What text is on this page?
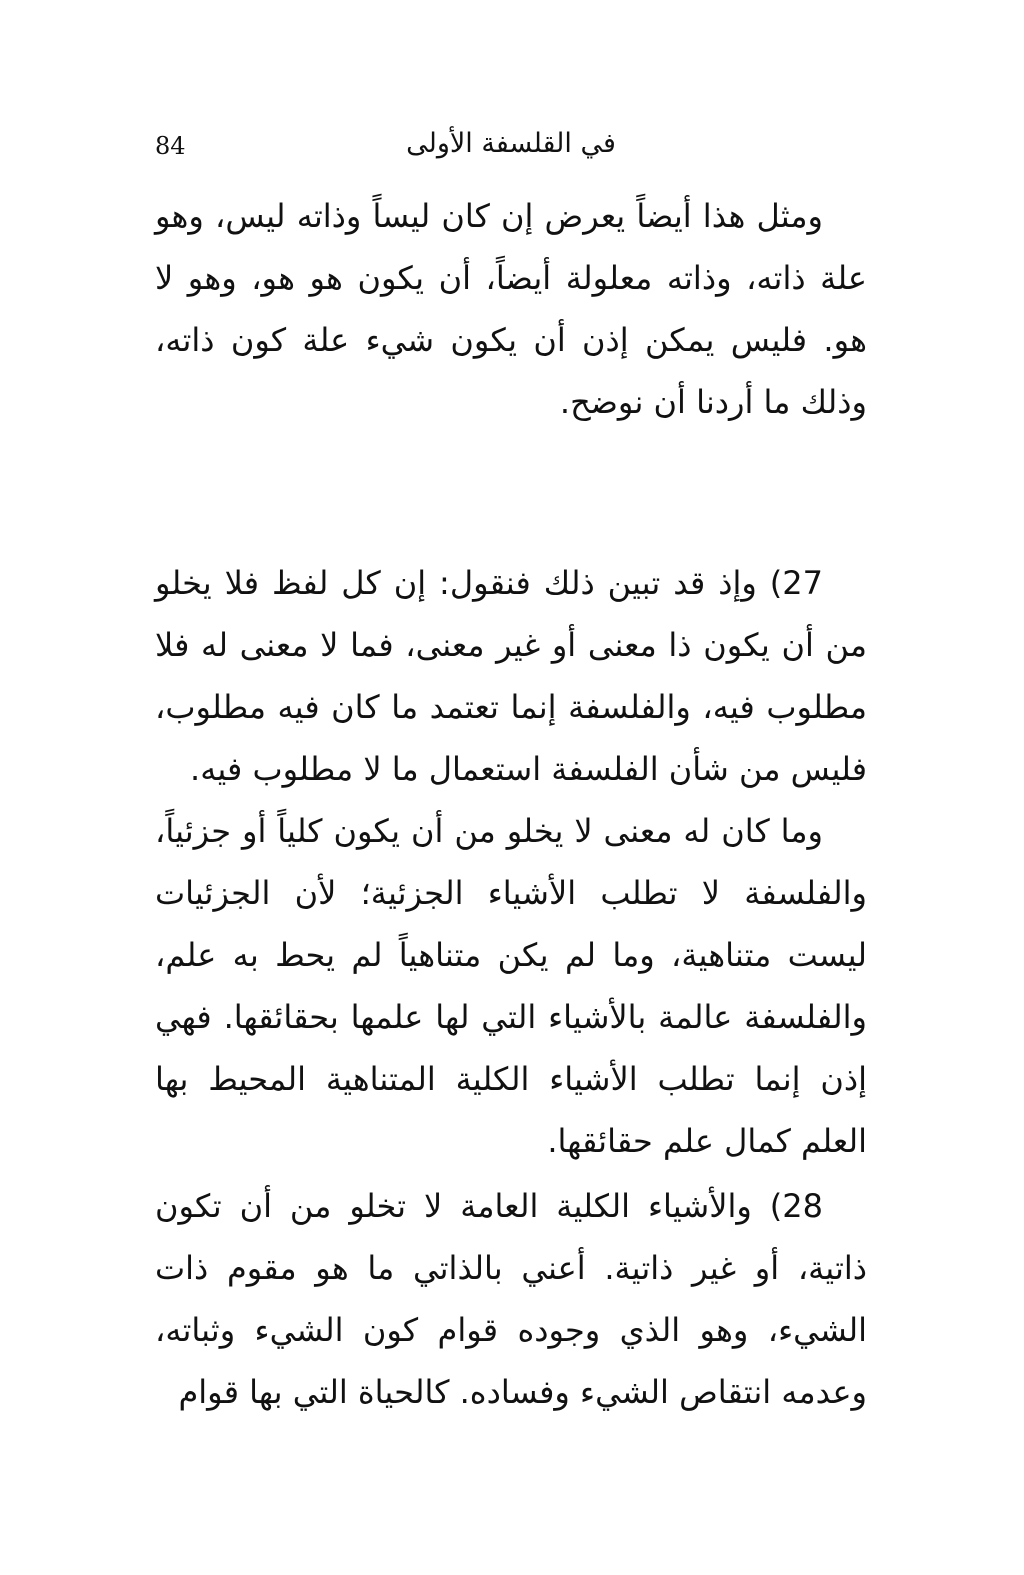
84	في القلسفة الأولى

ومثل هذا أيضاً يعرض إن كان ليساً وذاته ليس، وهو علة ذاته، وذاته معلولة أيضاً، أن يكون هو هو، وهو لا هو. فليس يمكن إذن أن يكون شيء علة كون ذاته، وذلك ما أردنا أن نوضح.

27) وإذ قد تبين ذلك فنقول: إن كل لفظ فلا يخلو من أن يكون ذا معنى أو غير معنى، فما لا معنى له فلا مطلوب فيه، والفلسفة إنما تعتمد ما كان فيه مطلوب، فليس من شأن الفلسفة استعمال ما لا مطلوب فيه.

وما كان له معنى لا يخلو من أن يكون كلياً أو جزئياً، والفلسفة لا تطلب الأشياء الجزئية؛ لأن الجزئيات ليست متناهية، وما لم يكن متناهياً لم يحط به علم، والفلسفة عالمة بالأشياء التي لها علمها بحقائقها. فهي إذن إنما تطلب الأشياء الكلية المتناهية المحيط بها العلم كمال علم حقائقها.

28) والأشياء الكلية العامة لا تخلو من أن تكون ذاتية، أو غير ذاتية. أعني بالذاتي ما هو مقوم ذات الشيء، وهو الذي وجوده قوام كون الشيء وثباته، وعدمه انتقاص الشيء وفساده. كالحياة التي بها قوام
